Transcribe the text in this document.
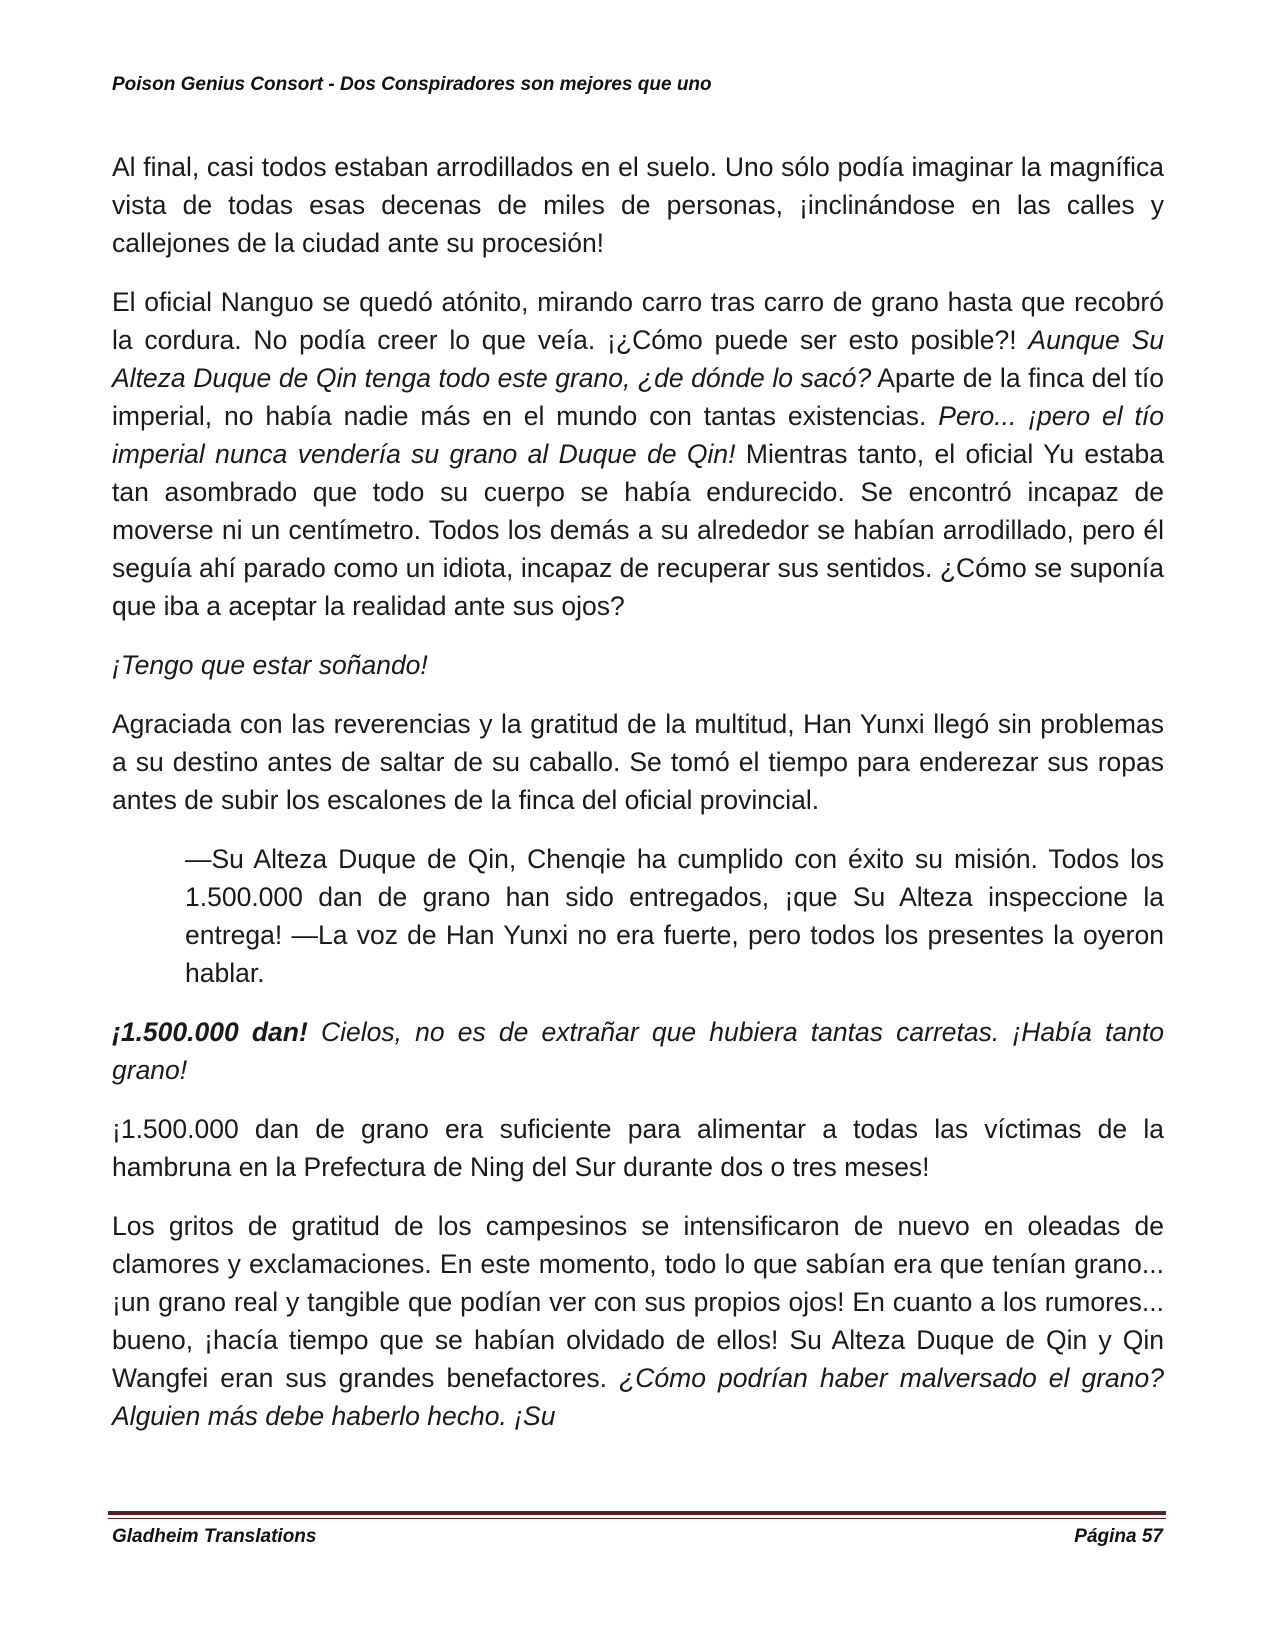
Poison Genius Consort - Dos Conspiradores son mejores que uno

Al final, casi todos estaban arrodillados en el suelo. Uno sólo podía imaginar la magnífica vista de todas esas decenas de miles de personas, ¡inclinándose en las calles y callejones de la ciudad ante su procesión!

El oficial Nanguo se quedó atónito, mirando carro tras carro de grano hasta que recobró la cordura. No podía creer lo que veía. ¡¿Cómo puede ser esto posible?! Aunque Su Alteza Duque de Qin tenga todo este grano, ¿de dónde lo sacó? Aparte de la finca del tío imperial, no había nadie más en el mundo con tantas existencias. Pero... ¡pero el tío imperial nunca vendería su grano al Duque de Qin! Mientras tanto, el oficial Yu estaba tan asombrado que todo su cuerpo se había endurecido. Se encontró incapaz de moverse ni un centímetro. Todos los demás a su alrededor se habían arrodillado, pero él seguía ahí parado como un idiota, incapaz de recuperar sus sentidos. ¿Cómo se suponía que iba a aceptar la realidad ante sus ojos?

¡Tengo que estar soñando!

Agraciada con las reverencias y la gratitud de la multitud, Han Yunxi llegó sin problemas a su destino antes de saltar de su caballo. Se tomó el tiempo para enderezar sus ropas antes de subir los escalones de la finca del oficial provincial.

—Su Alteza Duque de Qin, Chenqie ha cumplido con éxito su misión. Todos los 1.500.000 dan de grano han sido entregados, ¡que Su Alteza inspeccione la entrega! —La voz de Han Yunxi no era fuerte, pero todos los presentes la oyeron hablar.

¡1.500.000 dan! Cielos, no es de extrañar que hubiera tantas carretas. ¡Había tanto grano!

¡1.500.000 dan de grano era suficiente para alimentar a todas las víctimas de la hambruna en la Prefectura de Ning del Sur durante dos o tres meses!

Los gritos de gratitud de los campesinos se intensificaron de nuevo en oleadas de clamores y exclamaciones. En este momento, todo lo que sabían era que tenían grano... ¡un grano real y tangible que podían ver con sus propios ojos! En cuanto a los rumores... bueno, ¡hacía tiempo que se habían olvidado de ellos! Su Alteza Duque de Qin y Qin Wangfei eran sus grandes benefactores. ¿Cómo podrían haber malversado el grano? Alguien más debe haberlo hecho. ¡Su

Gladheim Translations	Página 57
